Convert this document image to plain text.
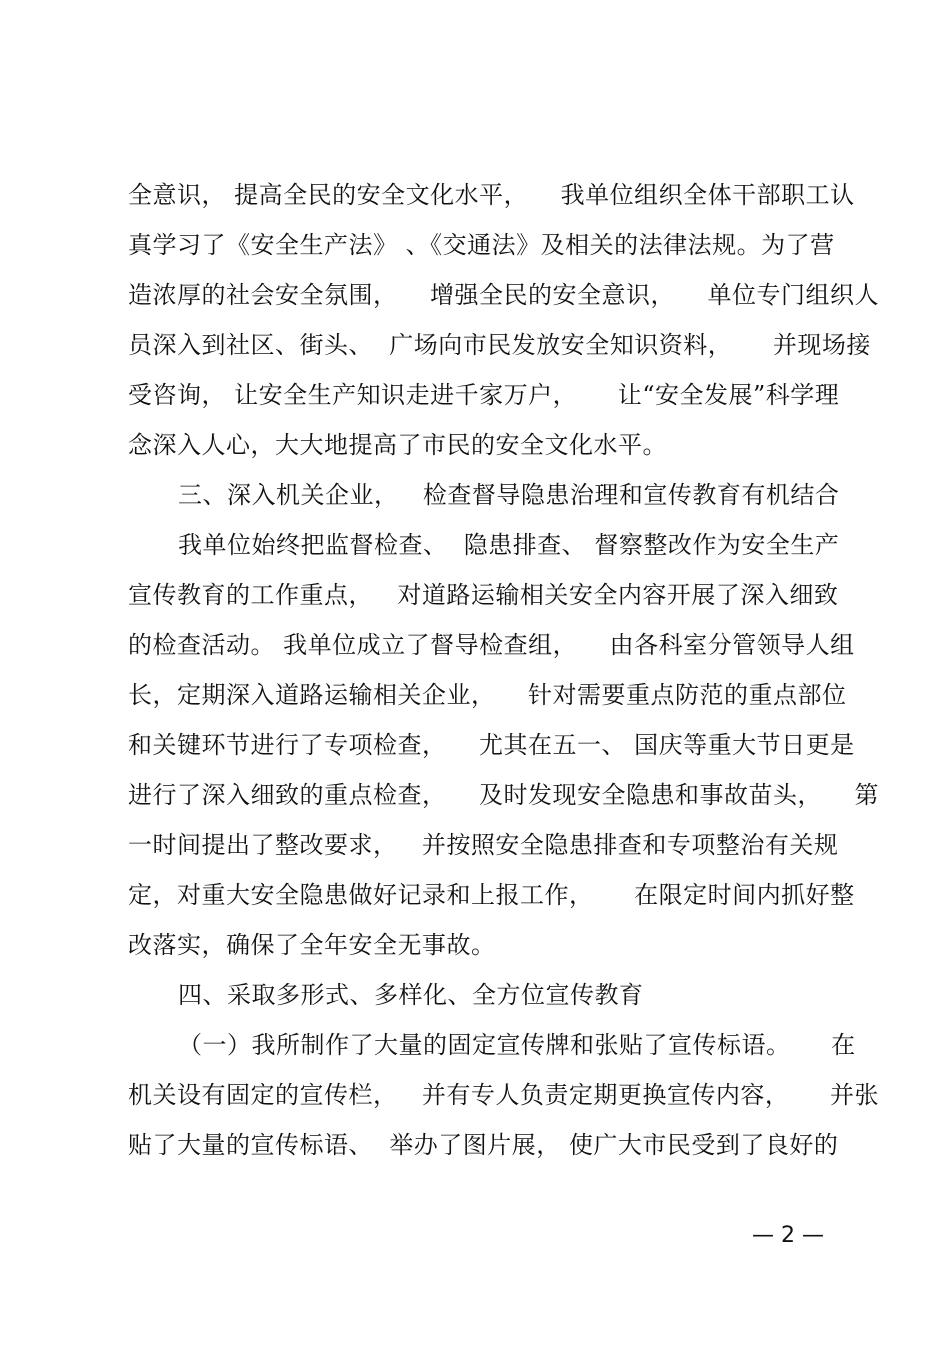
全意识， 提高全民的安全文化水平，    我单位组织全体干部职工认
真学习了《安全生产法》 、《交通法》及相关的法律法规。为了营
造浓厚的社会安全氛围，    增强全民的安全意识，    单位专门组织人
员深入到社区、街头、  广场向市民发放安全知识资料，     并现场接
受咨询， 让安全生产知识走进千家万户，     让“安全发展”科学理
念深入人心，大大地提高了市民的安全文化水平。
三、深入机关企业，   检查督导隐患治理和宣传教育有机结合
我单位始终把监督检查、  隐患排查、 督察整改作为安全生产
宣传教育的工作重点，   对道路运输相关安全内容开展了深入细致
的检查活动。 我单位成立了督导检查组，    由各科室分管领导人组
长，定期深入道路运输相关企业，    针对需要重点防范的重点部位
和关键环节进行了专项检查，    尤其在五一、 国庆等重大节日更是
进行了深入细致的重点检查，    及时发现安全隐患和事故苗头，    第
一时间提出了整改要求，   并按照安全隐患排查和专项整治有关规
定，对重大安全隐患做好记录和上报工作，     在限定时间内抓好整
改落实，确保了全年安全无事故。
四、采取多形式、多样化、全方位宣传教育
（一）我所制作了大量的固定宣传牌和张贴了宣传标语。     在
机关设有固定的宣传栏，   并有专人负责定期更换宣传内容，     并张
贴了大量的宣传标语、  举办了图片展， 使广大市民受到了良好的
— 2 —
